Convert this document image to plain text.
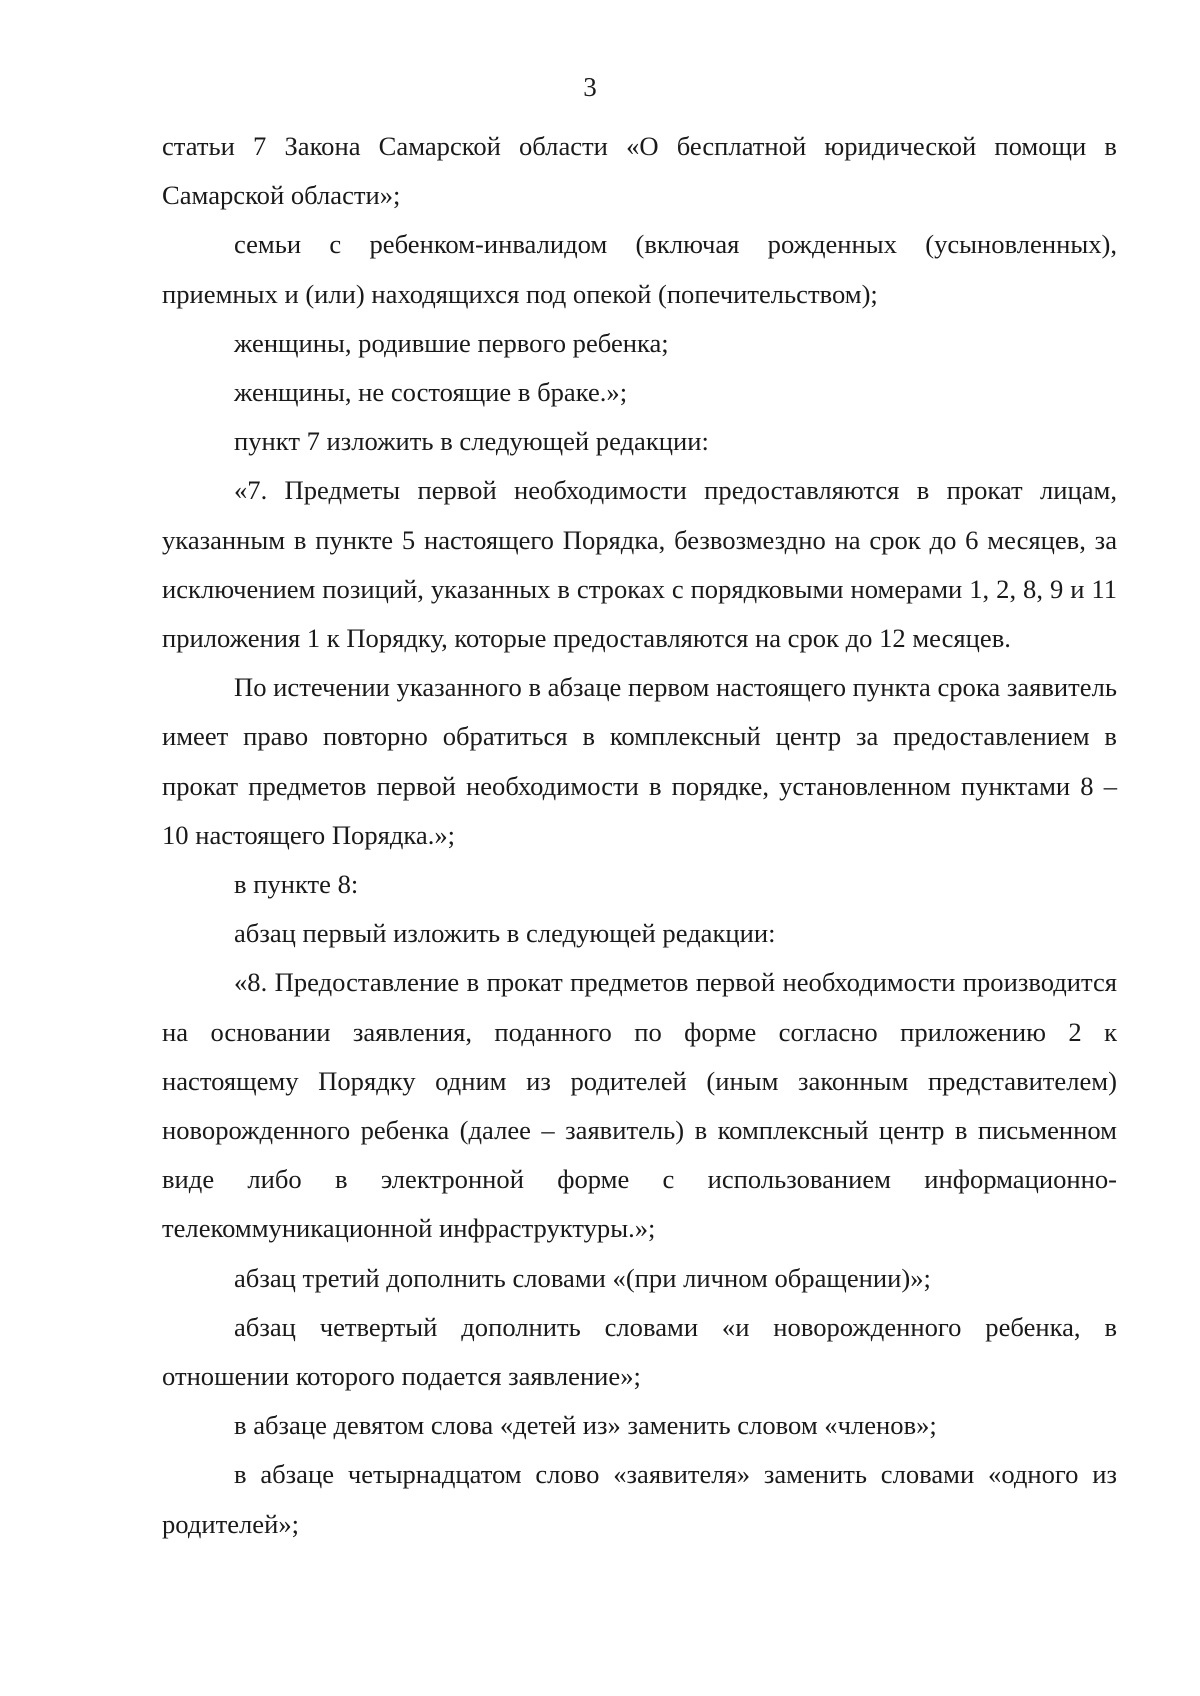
3

статьи 7 Закона Самарской области «О бесплатной юридической помощи в Самарской области»;

семьи с ребенком-инвалидом (включая рожденных (усыновленных), приемных и (или) находящихся под опекой (попечительством);

женщины, родившие первого ребенка;

женщины, не состоящие в браке.»;

пункт 7 изложить в следующей редакции:

«7. Предметы первой необходимости предоставляются в прокат лицам, указанным в пункте 5 настоящего Порядка, безвозмездно на срок до 6 месяцев, за исключением позиций, указанных в строках с порядковыми номерами 1, 2, 8, 9 и 11 приложения 1 к Порядку, которые предоставляются на срок до 12 месяцев.

По истечении указанного в абзаце первом настоящего пункта срока заявитель имеет право повторно обратиться в комплексный центр за предоставлением в прокат предметов первой необходимости в порядке, установленном пунктами 8 – 10 настоящего Порядка.»;

в пункте 8:

абзац первый изложить в следующей редакции:

«8. Предоставление в прокат предметов первой необходимости производится на основании заявления, поданного по форме согласно приложению 2 к настоящему Порядку одним из родителей (иным законным представителем) новорожденного ребенка (далее – заявитель) в комплексный центр в письменном виде либо в электронной форме с использованием информационно-телекоммуникационной инфраструктуры.»;

абзац третий дополнить словами «(при личном обращении)»;

абзац четвертый дополнить словами «и новорожденного ребенка, в отношении которого подается заявление»;

в абзаце девятом слова «детей из» заменить словом «членов»;

в абзаце четырнадцатом слово «заявителя» заменить словами «одного из родителей»;
